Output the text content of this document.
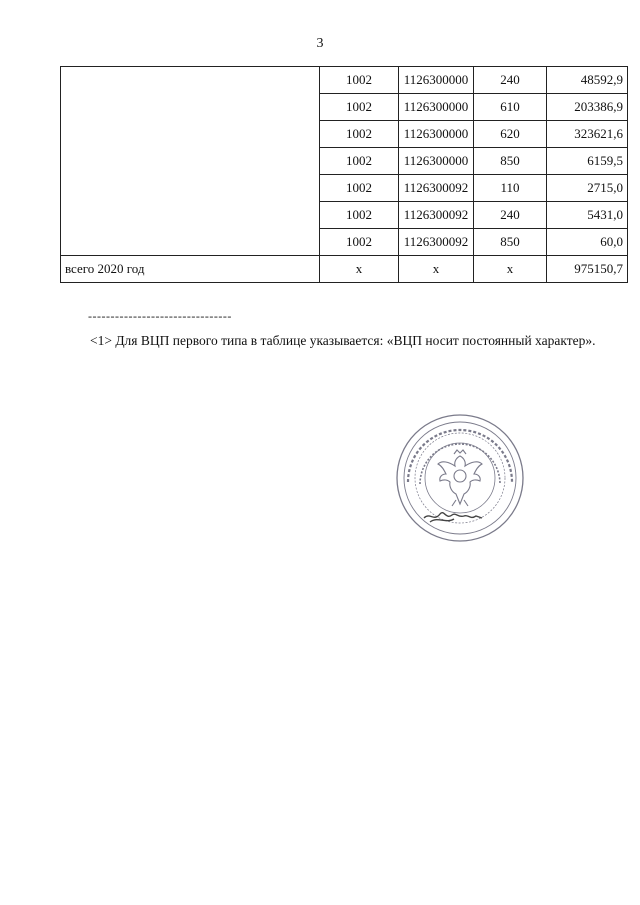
3
	1002	1126300000	240	48592,9
	1002	1126300000	610	203386,9
	1002	1126300000	620	323621,6
	1002	1126300000	850	6159,5
	1002	1126300092	110	2715,0
	1002	1126300092	240	5431,0
	1002	1126300092	850	60,0
всего 2020 год	х	х	х	975150,7
--------------------------------
<1> Для ВЦП первого типа в таблице указывается: «ВЦП носит постоянный характер».
